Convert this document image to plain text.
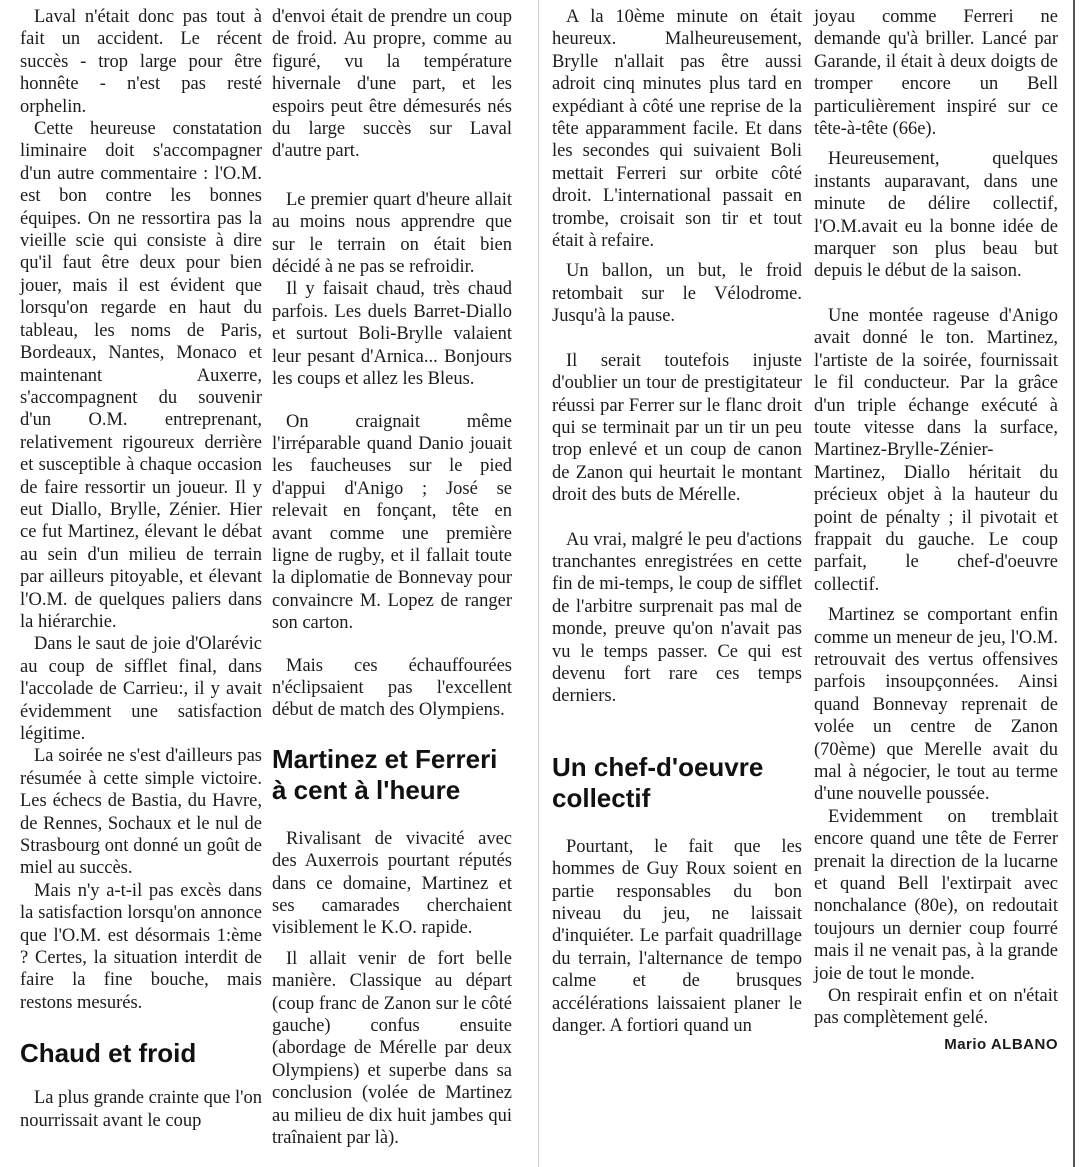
Laval n'était donc pas tout à fait un accident. Le récent succès - trop large pour être honnête - n'est pas resté orphelin.

Cette heureuse constatation liminaire doit s'accompagner d'un autre commentaire : l'O.M. est bon contre les bonnes équipes. On ne ressortira pas la vieille scie qui consiste à dire qu'il faut être deux pour bien jouer, mais il est évident que lorsqu'on regarde en haut du tableau, les noms de Paris, Bordeaux, Nantes, Monaco et maintenant Auxerre, s'accompagnent du souvenir d'un O.M. entreprenant, relativement rigoureux derrière et susceptible à chaque occasion de faire ressortir un joueur. Il y eut Diallo, Brylle, Zénier. Hier ce fut Martinez, élevant le débat au sein d'un milieu de terrain par ailleurs pitoyable, et élevant l'O.M. de quelques paliers dans la hiérarchie.

Dans le saut de joie d'Olarévic au coup de sifflet final, dans l'accolade de Carrieu:, il y avait évidemment une satisfaction légitime.

La soirée ne s'est d'ailleurs pas résumée à cette simple victoire. Les échecs de Bastia, du Havre, de Rennes, Sochaux et le nul de Strasbourg ont donné un goût de miel au succès.

Mais n'y a-t-il pas excès dans la satisfaction lorsqu'on annonce que l'O.M. est désormais 1:ème ? Certes, la situation interdit de faire la fine bouche, mais restons mesurés.

Chaud et froid

La plus grande crainte que l'on nourrissait avant le coup

d'envoi était de prendre un coup de froid. Au propre, comme au figuré, vu la température hivernale d'une part, et les espoirs peut être démesurés nés du large succès sur Laval d'autre part.

Le premier quart d'heure allait au moins nous apprendre que sur le terrain on était bien décidé à ne pas se refroidir.

Il y faisait chaud, très chaud parfois. Les duels Barret-Diallo et surtout Boli-Brylle valaient leur pesant d'Arnica... Bonjours les coups et allez les Bleus.

On craignait même l'irréparable quand Danio jouait les faucheuses sur le pied d'appui d'Anigo ; José se relevait en fonçant, tête en avant comme une première ligne de rugby, et il fallait toute la diplomatie de Bonnevay pour convaincre M. Lopez de ranger son carton.

Mais ces échauffourées n'éclipsaient pas l'excellent début de match des Olympiens.

Martinez et Ferreri à cent à l'heure

Rivalisant de vivacité avec des Auxerrois pourtant réputés dans ce domaine, Martinez et ses camarades cherchaient visiblement le K.O. rapide.

Il allait venir de fort belle manière. Classique au départ (coup franc de Zanon sur le côté gauche) confus ensuite (abordage de Mérelle par deux Olympiens) et superbe dans sa conclusion (volée de Martinez au milieu de dix huit jambes qui traînaient par là).

A la 10ème minute on était heureux. Malheureusement, Brylle n'allait pas être aussi adroit cinq minutes plus tard en expédiant à côté une reprise de la tête apparamment facile. Et dans les secondes qui suivaient Boli mettait Ferreri sur orbite côté droit. L'international passait en trombe, croisait son tir et tout était à refaire.

Un ballon, un but, le froid retombait sur le Vélodrome. Jusqu'à la pause.

Il serait toutefois injuste d'oublier un tour de prestigitateur réussi par Ferrer sur le flanc droit qui se terminait par un tir un peu trop enlevé et un coup de canon de Zanon qui heurtait le montant droit des buts de Mérelle.

Au vrai, malgré le peu d'actions tranchantes enregistrées en cette fin de mi-temps, le coup de sifflet de l'arbitre surprenait pas mal de monde, preuve qu'on n'avait pas vu le temps passer. Ce qui est devenu fort rare ces temps derniers.

Un chef-d'oeuvre collectif

Pourtant, le fait que les hommes de Guy Roux soient en partie responsables du bon niveau du jeu, ne laissait d'inquiéter. Le parfait quadrillage du terrain, l'alternance de tempo calme et de brusques accélérations laissaient planer le danger. A fortiori quand un

joyau comme Ferreri ne demande qu'à briller. Lancé par Garande, il était à deux doigts de tromper encore un Bell particulièrement inspiré sur ce tête-à-tête (66e).

Heureusement, quelques instants auparavant, dans une minute de délire collectif, l'O.M.avait eu la bonne idée de marquer son plus beau but depuis le début de la saison.

Une montée rageuse d'Anigo avait donné le ton. Martinez, l'artiste de la soirée, fournissait le fil conducteur. Par la grâce d'un triple échange exécuté à toute vitesse dans la surface, Martinez-Brylle-Zénier-Martinez, Diallo héritait du précieux objet à la hauteur du point de pénalty ; il pivotait et frappait du gauche. Le coup parfait, le chef-d'oeuvre collectif.

Martinez se comportant enfin comme un meneur de jeu, l'O.M. retrouvait des vertus offensives parfois insoupçonnées. Ainsi quand Bonnevay reprenait de volée un centre de Zanon (70ème) que Merelle avait du mal à négocier, le tout au terme d'une nouvelle poussée.

Evidemment on tremblait encore quand une tête de Ferrer prenait la direction de la lucarne et quand Bell l'extirpait avec nonchalance (80e), on redoutait toujours un dernier coup fourré mais il ne venait pas, à la grande joie de tout le monde.

On respirait enfin et on n'était pas complètement gelé.

Mario ALBANO
